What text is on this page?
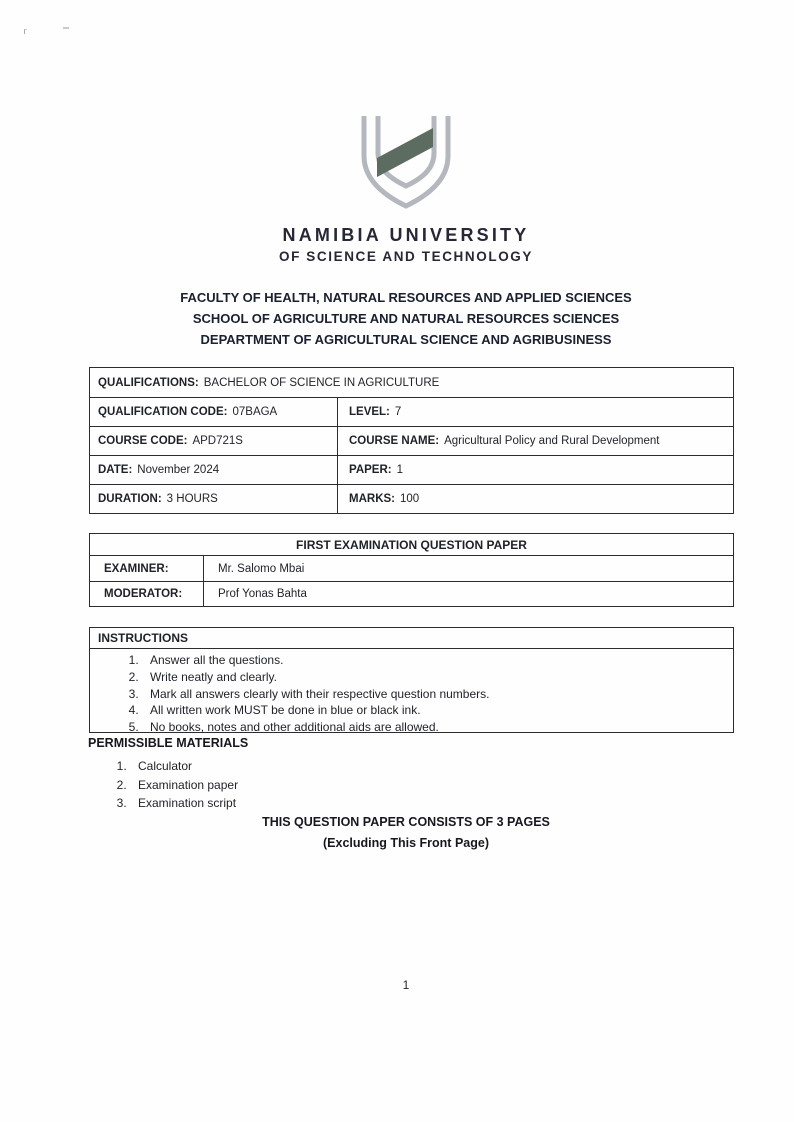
NAMIBIA UNIVERSITY
OF SCIENCE AND TECHNOLOGY
FACULTY OF HEALTH, NATURAL RESOURCES AND APPLIED SCIENCES
SCHOOL OF AGRICULTURE AND NATURAL RESOURCES SCIENCES
DEPARTMENT OF AGRICULTURAL SCIENCE AND AGRIBUSINESS
QUALIFICATIONS: BACHELOR OF SCIENCE IN AGRICULTURE
QUALIFICATION CODE: 07BAGA	LEVEL: 7
COURSE CODE: APD721S	COURSE NAME: Agricultural Policy and Rural Development
DATE: November 2024	PAPER: 1
DURATION: 3 HOURS	MARKS: 100
FIRST EXAMINATION QUESTION PAPER
EXAMINER:	Mr. Salomo Mbai
MODERATOR:	Prof Yonas Bahta
INSTRUCTIONS
1. Answer all the questions.
2. Write neatly and clearly.
3. Mark all answers clearly with their respective question numbers.
4. All written work MUST be done in blue or black ink.
5. No books, notes and other additional aids are allowed.
PERMISSIBLE MATERIALS
1. Calculator
2. Examination paper
3. Examination script
THIS QUESTION PAPER CONSISTS OF 3 PAGES
(Excluding This Front Page)
1
